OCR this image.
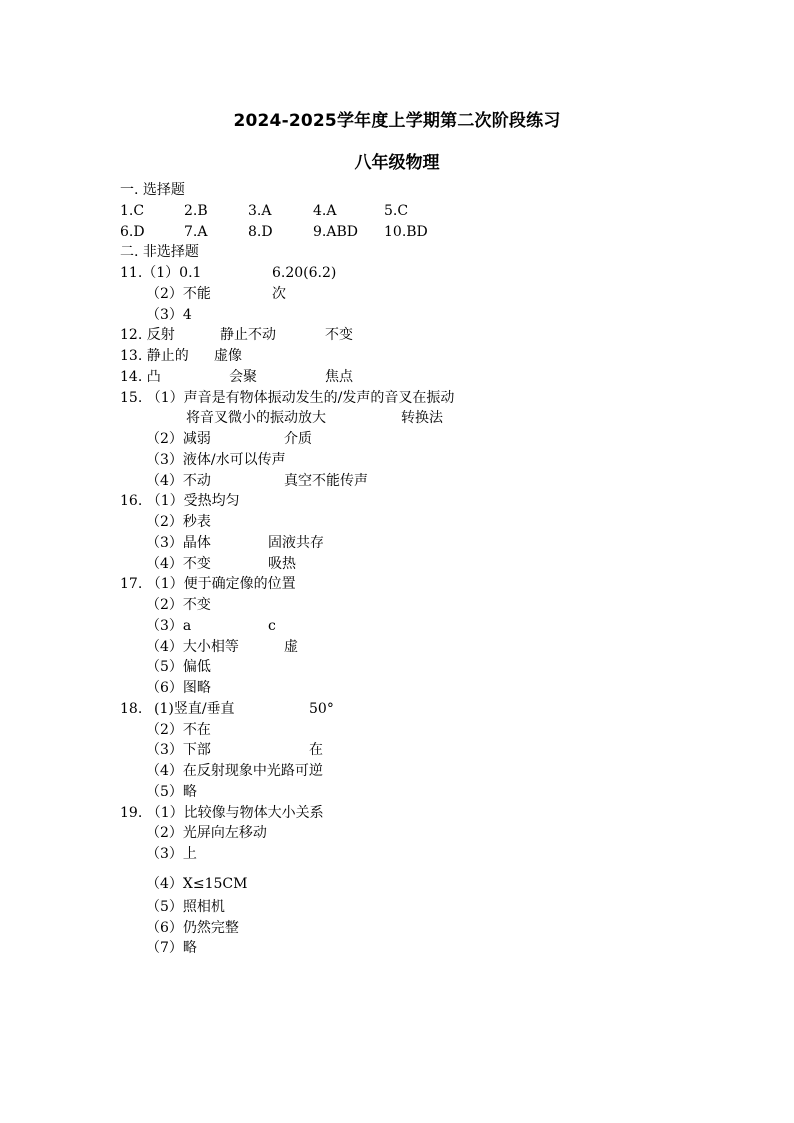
2024-2025学年度上学期第二次阶段练习
八年级物理
一. 选择题
1.C	2.B	3.A	4.A	5.C
6.D	7.A	8.D	9.ABD 10.BD
二. 非选择题
11.（1）0.1	6.20(6.2)
（2）不能	次
（3）4
12. 反射	静止不动	不变
13. 静止的 虚像
14. 凸	会聚	焦点
15. （1）声音是有物体振动发生的/发声的音叉在振动
将音叉微小的振动放大	转换法
（2）减弱	介质
（3）液体/水可以传声
（4）不动	真空不能传声
16. （1）受热均匀
（2）秒表
（3）晶体	固液共存
（4）不变	吸热
17. （1）便于确定像的位置
（2）不变
（3）a	c
（4）大小相等	虚
（5）偏低
（6）图略
18. (1)竖直/垂直	50°
（2）不在
（3）下部	在
（4）在反射现象中光路可逆
（5）略
19. （1）比较像与物体大小关系
（2）光屏向左移动
（3）上
（4）X≤15CM
（5）照相机
（6）仍然完整
（7）略
